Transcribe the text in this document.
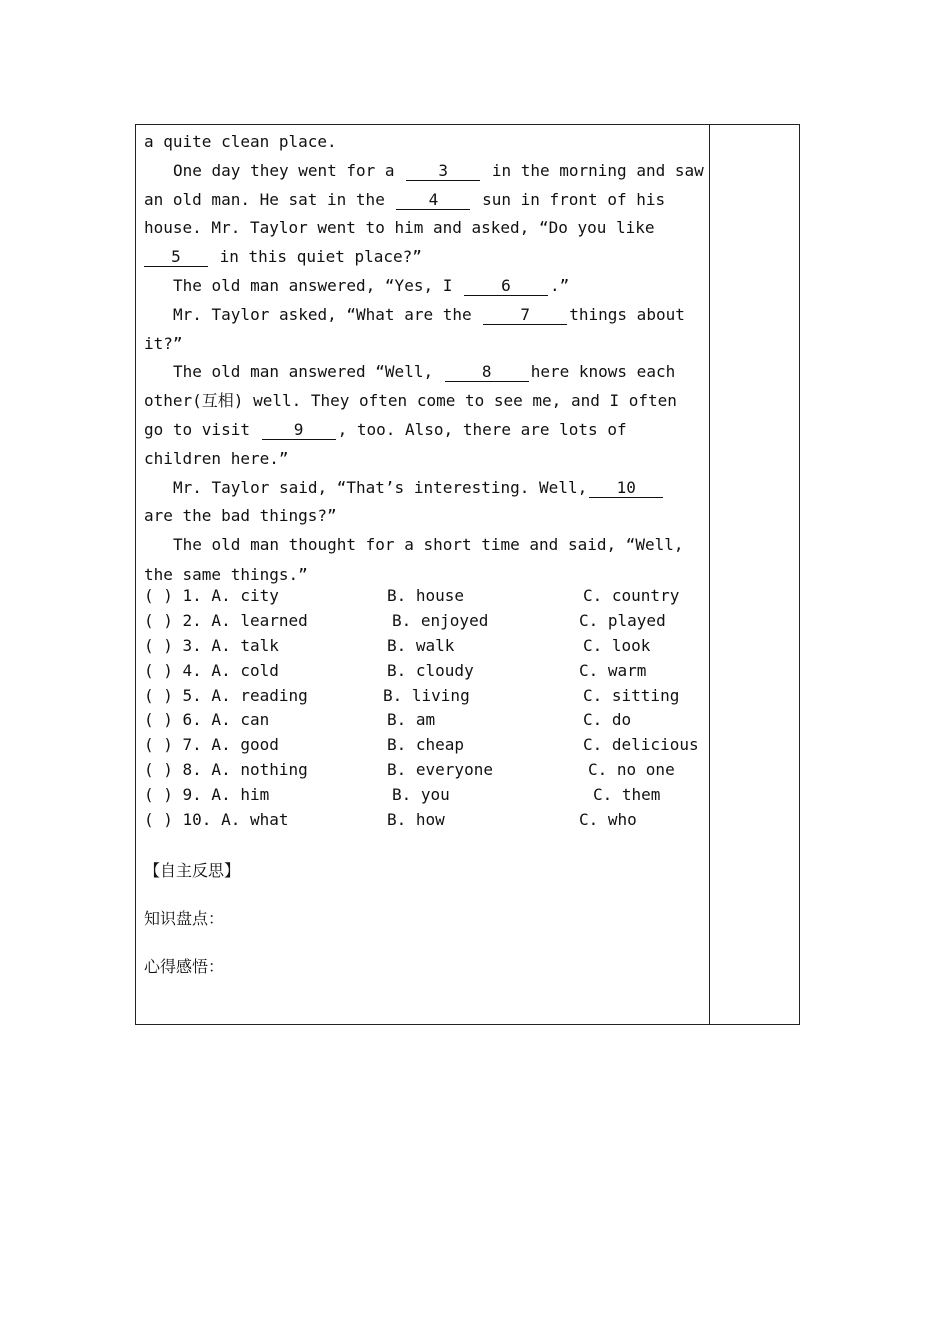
a quite clean place.
One day they went for a 3 in the morning and saw
an old man. He sat in the 4 sun in front of his
house. Mr. Taylor went to him and asked, “Do you like
5 in this quiet place?”
The old man answered, “Yes, I 6 .”
Mr. Taylor asked, “What are the 7 things about
it?”
The old man answered “Well, 8 here knows each
other(互相) well. They often come to see me, and I often
go to visit 9 , too. Also, there are lots of
children here.”
Mr. Taylor said, “That’s interesting. Well, 10
are the bad things?”
The old man thought for a short time and said, “Well,
the same things.”
( ) 1. A. city	B. house	C. country
( ) 2. A. learned	B. enjoyed	C. played
( ) 3. A. talk	B. walk	C. look
( ) 4. A. cold	B. cloudy	C. warm
( ) 5. A. reading	B. living	C. sitting
( ) 6. A. can	B. am	C. do
( ) 7. A. good	B. cheap	C. delicious
( ) 8. A. nothing	B. everyone	C. no one
( ) 9. A. him	B. you	C. them
( ) 10. A. what	B. how	C. who
【自主反思】
知识盘点：
心得感悟：
